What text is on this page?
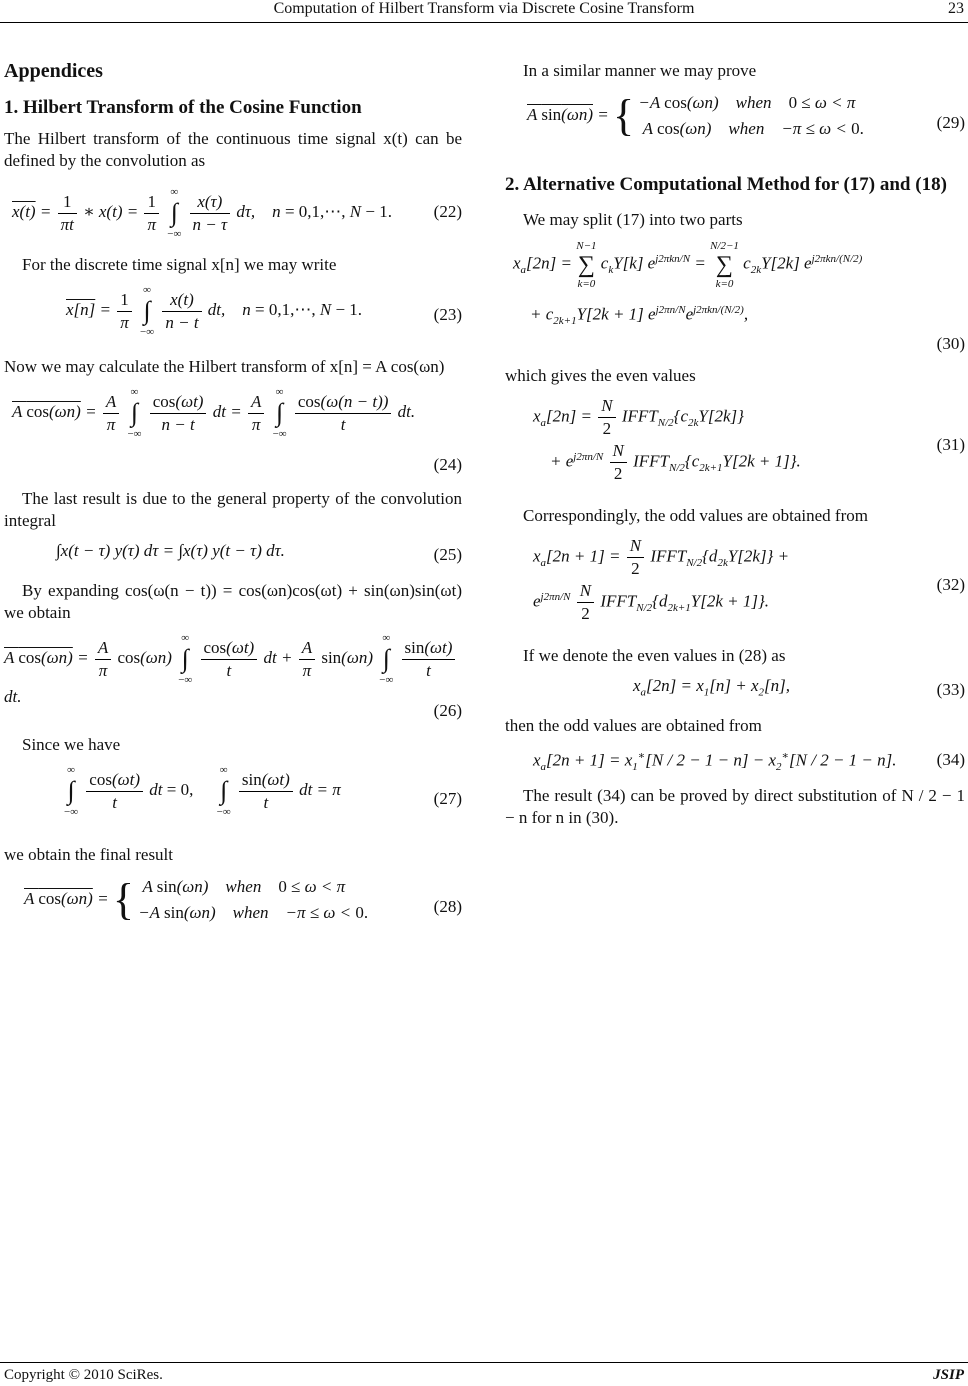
Computation of Hilbert Transform via Discrete Cosine Transform	23
Appendices
1. Hilbert Transform of the Cosine Function

The Hilbert transform of the continuous time signal x(t) can be defined by the convolution as

$x(t) = \frac{1}{\pi t}$ ∗ $x(t) = \frac{1}{\pi}$
∞
∫
−∞
$\frac{x(\tau)}{n - \tau} d\tau$,    n = 0,1,⋯, N − 1. (22)

For the discrete time signal x[n] we may write

$x[n] = \frac{1}{\pi}$
∞
∫
−∞
$\frac{x(t)}{n - t}$ dt,    n = 0,1,⋯, N − 1.	(23)

Now we may calculate the Hilbert transform of x[n] = A cos(ωn)

A $\cos(\omega n) = \frac{A}{\pi}$
∞
∫
−∞
$\frac{\cos(\omega t)}{n - t}$ dt = $\frac{A}{\pi}$
∞
∫
−∞
$\frac{\cos(\omega(n - t))}{t}$ dt.
(24)

The last result is due to the general property of the convolution integral

∫x(t − τ) y(τ) dτ = ∫x(τ) y(t − τ) dτ.	(25)

By expanding cos(ω(n − t)) = cos(ωn)cos(ωt) + sin(ωn)sin(ωt) we obtain

A $\cos(\omega n) = \frac{A}{\pi} \cos(\omega n)$
∞
∫
−∞
$\frac{\cos(\omega t)}{t}$ dt + $\frac{A}{\pi} \sin(\omega n)$
∞
∫
−∞
$\frac{\sin(\omega t)}{t}$
dt.
(26)

Since we have

∞
∫
−∞
$\frac{\cos(\omega t)}{t}$ dt = 0,
∞
∫
−∞
$\frac{\sin(\omega t)}{t}$ dt = π	(27)

we obtain the final result

A cos(ωn) = {  A sin(ωn)    when    0 ≤ ω < π
−A sin(ωn)    when    −π ≤ ω < 0.	(28)

In a similar manner we may prove

A sin(ωn) = { −A cos(ωn)    when    0 ≤ ω < π
A cos(ωn)    when    −π ≤ ω < 0.	(29)
2. Alternative Computational Method for (17) and (18)

We may split (17) into two parts

$x_a[2n]$ =
N−1
∑
k=0
$c_kY[k] e^{j2\pi kn/N}$ =
N/2−1
∑
k=0
$c_{2k}Y[2k]$ $e^{j2\pi kn/(N/2)}$
+ $c_{2k+1}Y[2k + 1]$ $e^{j2\pi n/N}e^{j2\pi kn/(N/2)}$,
(30)

which gives the even values

$x_a[2n] = \frac{N}{2}$ $IFFT_{N/2}\{c_{2k}Y[2k]\}$
+ $e^{j2\pi n/N} \frac{N}{2}$ $IFFT_{N/2}\{c_{2k+1}Y[2k + 1]\}$.
(31)

Correspondingly, the odd values are obtained from

$x_a[2n + 1] = \frac{N}{2}$ $IFFT_{N/2}\{d_{2k}Y[2k]\}$ +
$e^{j2\pi n/N} \frac{N}{2}$ $IFFT_{N/2}\{d_{2k+1}Y[2k + 1]\}$.
(32)

If we denote the even values in (28) as

$x_a[2n] = x_1[n] + x_2[n]$,	(33)

then the odd values are obtained from

$x_a[2n + 1] = x_1^∗[N / 2 - 1 - n] - x_2^∗[N / 2 - 1 - n]$. (34)

The result (34) can be proved by direct substitution of N / 2 − 1 − n for n in (30).

Copyright © 2010 SciRes.	JSIP
